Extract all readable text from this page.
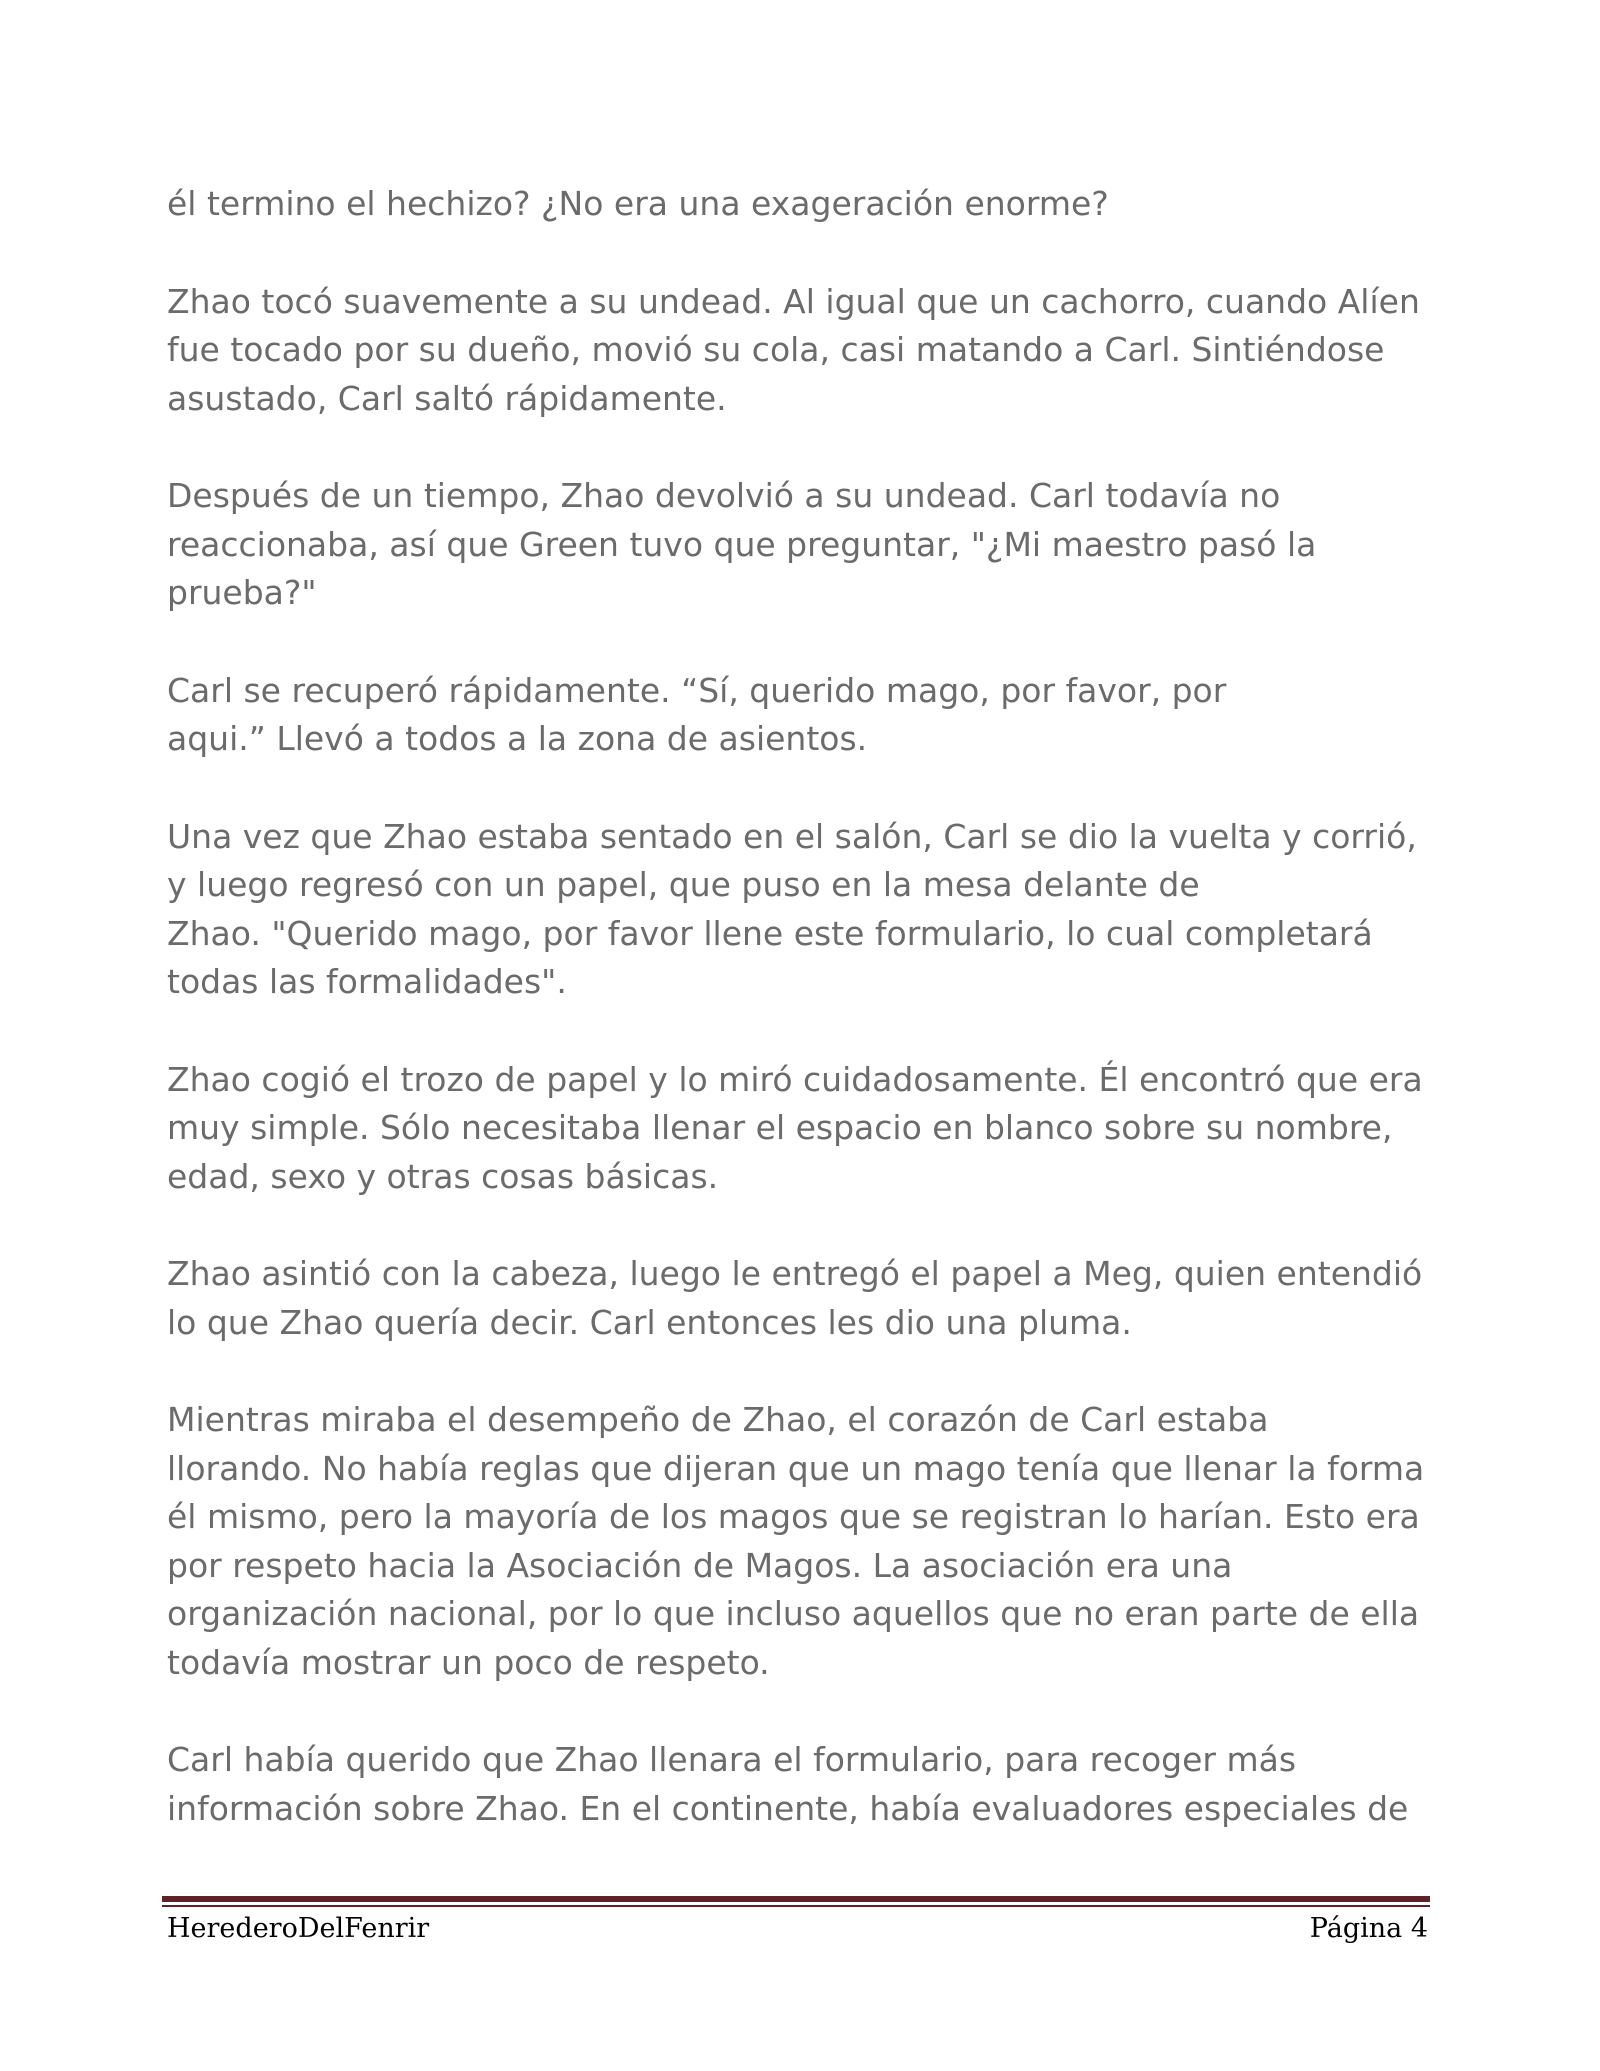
él termino el hechizo? ¿No era una exageración enorme?

Zhao tocó suavemente a su undead. Al igual que un cachorro, cuando Alíen
fue tocado por su dueño, movió su cola, casi matando a Carl. Sintiéndose
asustado, Carl saltó rápidamente.

Después de un tiempo, Zhao devolvió a su undead. Carl todavía no
reaccionaba, así que Green tuvo que preguntar, "¿Mi maestro pasó la
prueba?"

Carl se recuperó rápidamente. “Sí, querido mago, por favor, por
aqui.” Llevó a todos a la zona de asientos.

Una vez que Zhao estaba sentado en el salón, Carl se dio la vuelta y corrió,
y luego regresó con un papel, que puso en la mesa delante de
Zhao. "Querido mago, por favor llene este formulario, lo cual completará
todas las formalidades".

Zhao cogió el trozo de papel y lo miró cuidadosamente. Él encontró que era
muy simple. Sólo necesitaba llenar el espacio en blanco sobre su nombre,
edad, sexo y otras cosas básicas.

Zhao asintió con la cabeza, luego le entregó el papel a Meg, quien entendió
lo que Zhao quería decir. Carl entonces les dio una pluma.

Mientras miraba el desempeño de Zhao, el corazón de Carl estaba
llorando. No había reglas que dijeran que un mago tenía que llenar la forma
él mismo, pero la mayoría de los magos que se registran lo harían. Esto era
por respeto hacia la Asociación de Magos. La asociación era una
organización nacional, por lo que incluso aquellos que no eran parte de ella
todavía mostrar un poco de respeto.

Carl había querido que Zhao llenara el formulario, para recoger más
información sobre Zhao. En el continente, había evaluadores especiales de

HerederoDelFenrir	Página 4
